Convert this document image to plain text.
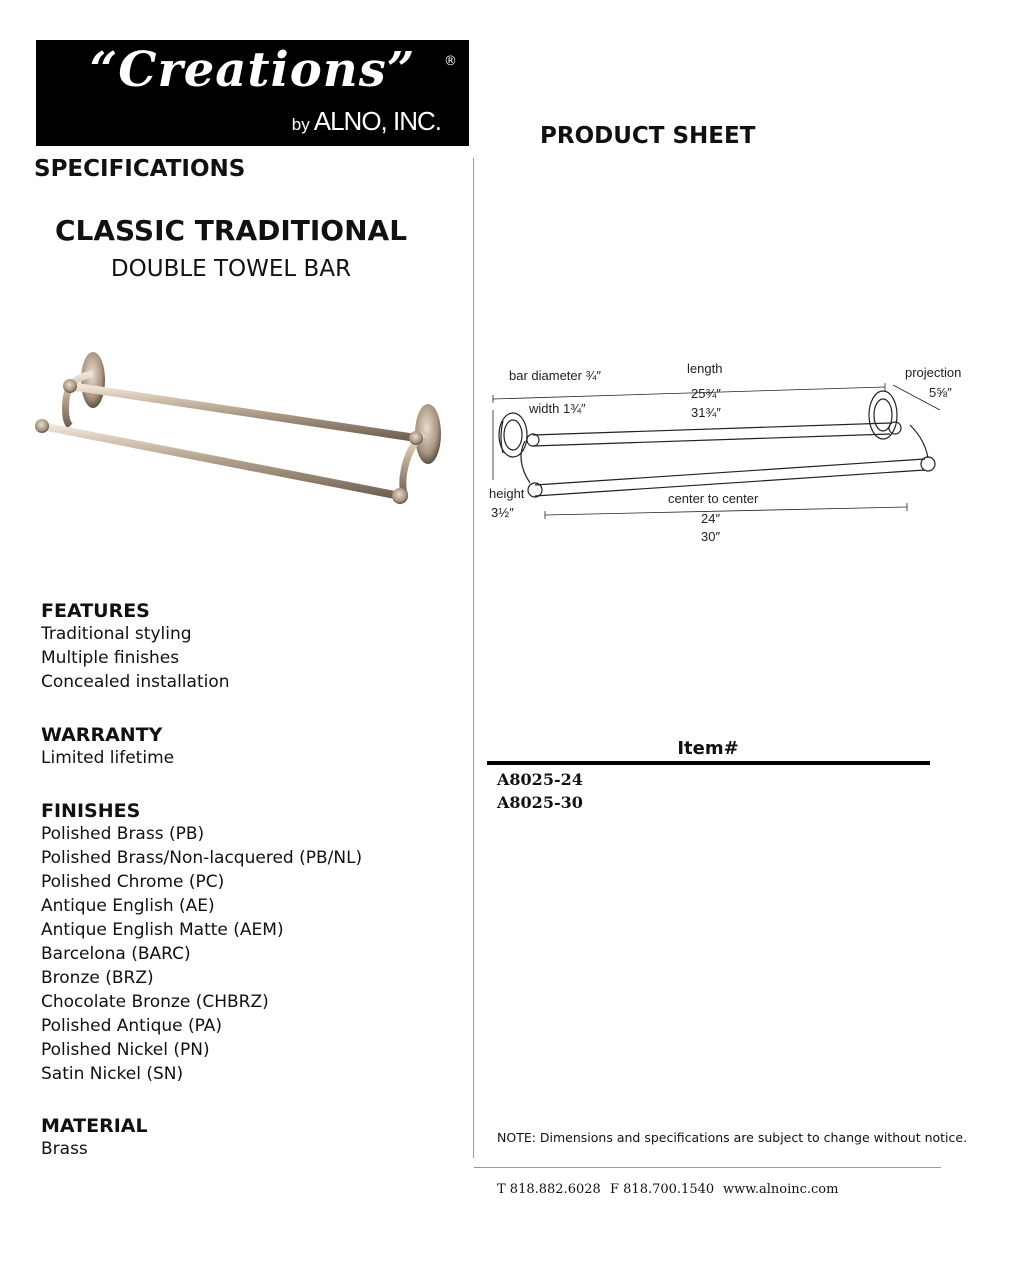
“Creations”	®
by ALNO, INC.	PRODUCT SHEET
SPECIFICATIONS
CLASSIC TRADITIONAL
DOUBLE TOWEL BAR
bar diameter ¾″	length
25¾″
31¾″
projection
5⅝″
width 1¾″
height
3½″
center to center
24″
30″
FEATURES
Traditional styling
Multiple finishes
Concealed installation
WARRANTY
Limited lifetime
FINISHES
Polished Brass (PB)
Polished Brass/Non-lacquered (PB/NL)
Polished Chrome (PC)
Antique English (AE)
Antique English Matte (AEM)
Barcelona (BARC)
Bronze (BRZ)
Chocolate Bronze (CHBRZ)
Polished Antique (PA)
Polished Nickel (PN)
Satin Nickel (SN)
MATERIAL
Brass
Item#
A8025-24
A8025-30
NOTE: Dimensions and specifications are subject to change without notice.
T 818.882.6028 F 818.700.1540 www.alnoinc.com
